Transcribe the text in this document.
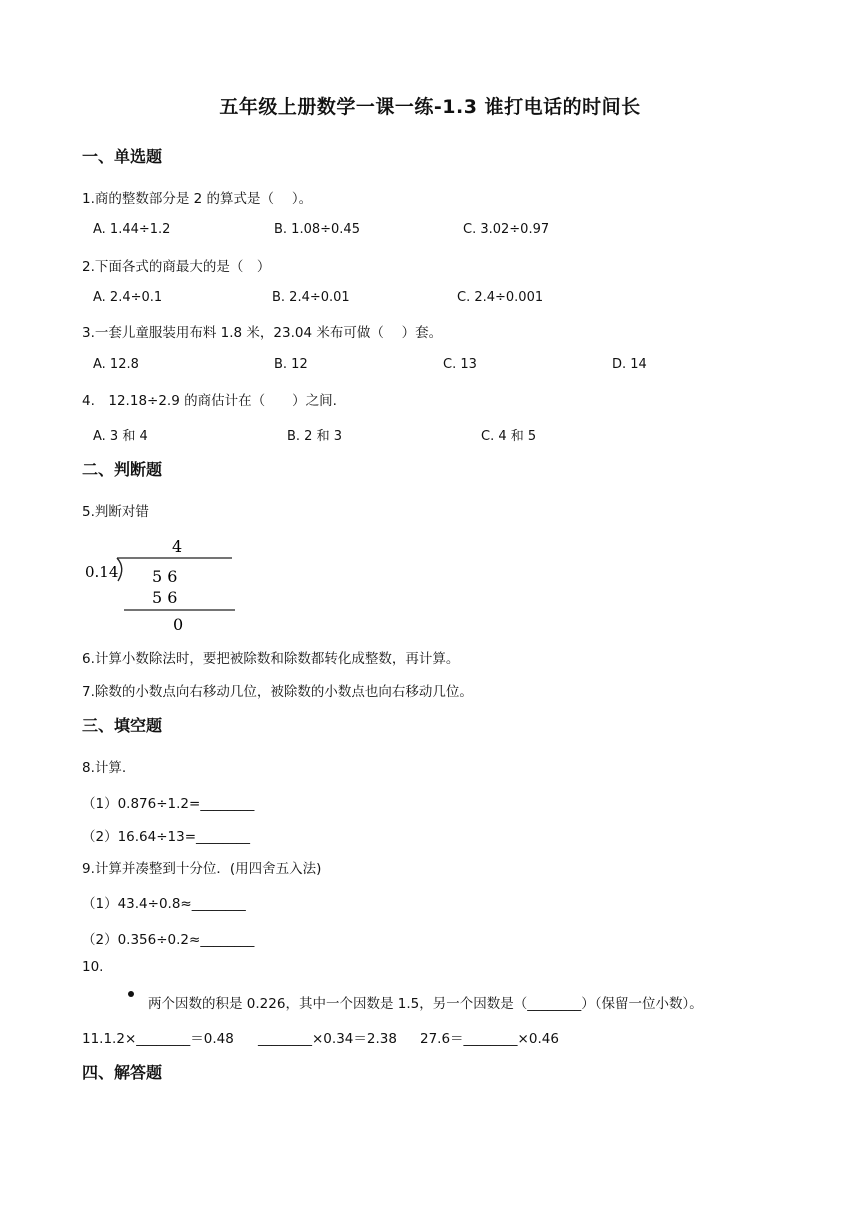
五年级上册数学一课一练-1.3 谁打电话的时间长
一、单选题
1.商的整数部分是 2 的算式是（　 ）。
A. 1.44÷1.2	B. 1.08÷0.45	C. 3.02÷0.97
2.下面各式的商最大的是（　）
A. 2.4÷0.1	B. 2.4÷0.01	C. 2.4÷0.001
3.一套儿童服装用布料 1.8 米，23.04 米布可做（　 ）套。
A. 12.8	B. 12	C. 13	D. 14
4.　12.18÷2.9 的商估计在（　　）之间.
A. 3 和 4	B. 2 和 3	C. 4 和 5
二、判断题
5.判断对错
4
0.14 5 6
5 6
0
6.计算小数除法时，要把被除数和除数都转化成整数，再计算。
7.除数的小数点向右移动几位，被除数的小数点也向右移动几位。
三、填空题
8.计算.
（1）0.876÷1.2=________
（2）16.64÷13=________
9.计算并凑整到十分位．(用四舍五入法)
（1）43.4÷0.8≈________
（2）0.356÷0.2≈________
10.
两个因数的积是 0.226，其中一个因数是 1.5，另一个因数是（________）（保留一位小数）。
11.1.2×________＝0.48 ________×0.34＝2.38 27.6＝________×0.46
四、解答题
